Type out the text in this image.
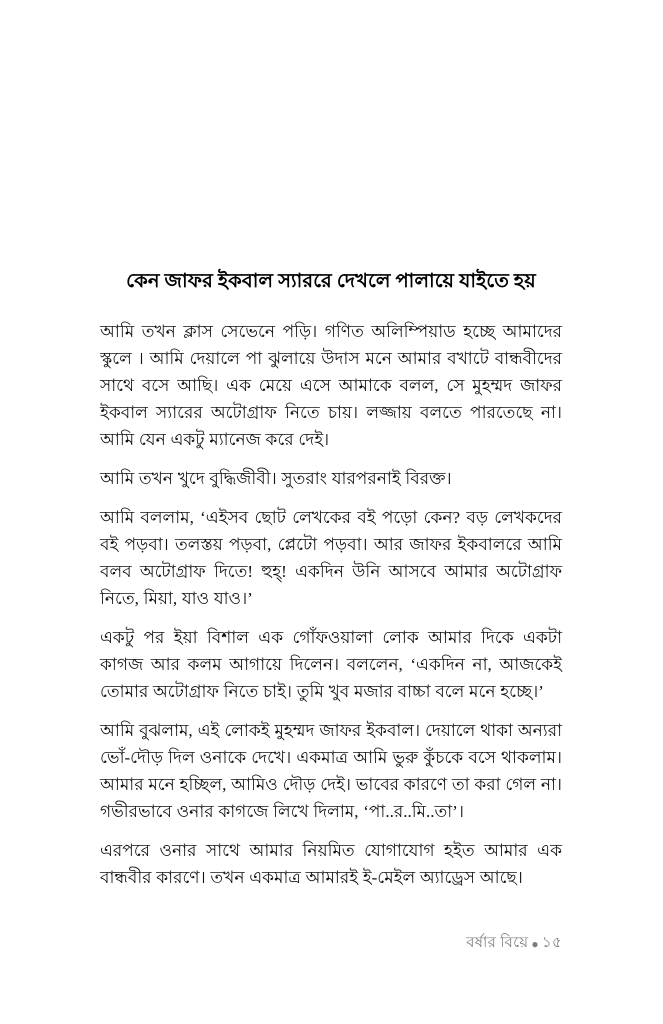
কেন জাফর ইকবাল স্যাররে দেখলে পালায়ে যাইতে হয়

আমি তখন ক্লাস সেভেনে পড়ি। গণিত অলিম্পিয়াড হচ্ছে আমাদের স্কুলে । আমি দেয়ালে পা ঝুলায়ে উদাস মনে আমার বখাটে বান্ধবীদের সাথে বসে আছি। এক মেয়ে এসে আমাকে বলল, সে মুহম্মদ জাফর ইকবাল স্যারের অটোগ্রাফ নিতে চায়। লজ্জায় বলতে পারতেছে না। আমি যেন একটু ম্যানেজ করে দেই।

আমি তখন খুদে বুদ্ধিজীবী। সুতরাং যারপরনাই বিরক্ত।

আমি বললাম, ‘এইসব ছোট লেখকের বই পড়ো কেন? বড় লেখকদের বই পড়বা। তলস্তয় পড়বা, প্লেটো পড়বা। আর জাফর ইকবালরে আমি বলব অটোগ্রাফ দিতে! হুহ্! একদিন উনি আসবে আমার অটোগ্রাফ নিতে, মিয়া, যাও যাও।’

একটু পর ইয়া বিশাল এক গোঁফওয়ালা লোক আমার দিকে একটা কাগজ আর কলম আগায়ে দিলেন। বললেন, ‘একদিন না, আজকেই তোমার অটোগ্রাফ নিতে চাই। তুমি খুব মজার বাচ্চা বলে মনে হচ্ছে।’

আমি বুঝলাম, এই লোকই মুহম্মদ জাফর ইকবাল। দেয়ালে থাকা অন্যরা ভোঁ-দৌড় দিল ওনাকে দেখে। একমাত্র আমি ভুরু কুঁচকে বসে থাকলাম। আমার মনে হচ্ছিল, আমিও দৌড় দেই। ভাবের কারণে তা করা গেল না। গভীরভাবে ওনার কাগজে লিখে দিলাম, ‘পা..র..মি..তা’।

এরপরে ওনার সাথে আমার নিয়মিত যোগাযোগ হইত আমার এক বান্ধবীর কারণে। তখন একমাত্র আমারই ই-মেইল অ্যাড্রেস আছে।

বর্ষার বিয়ে ● ১৫
